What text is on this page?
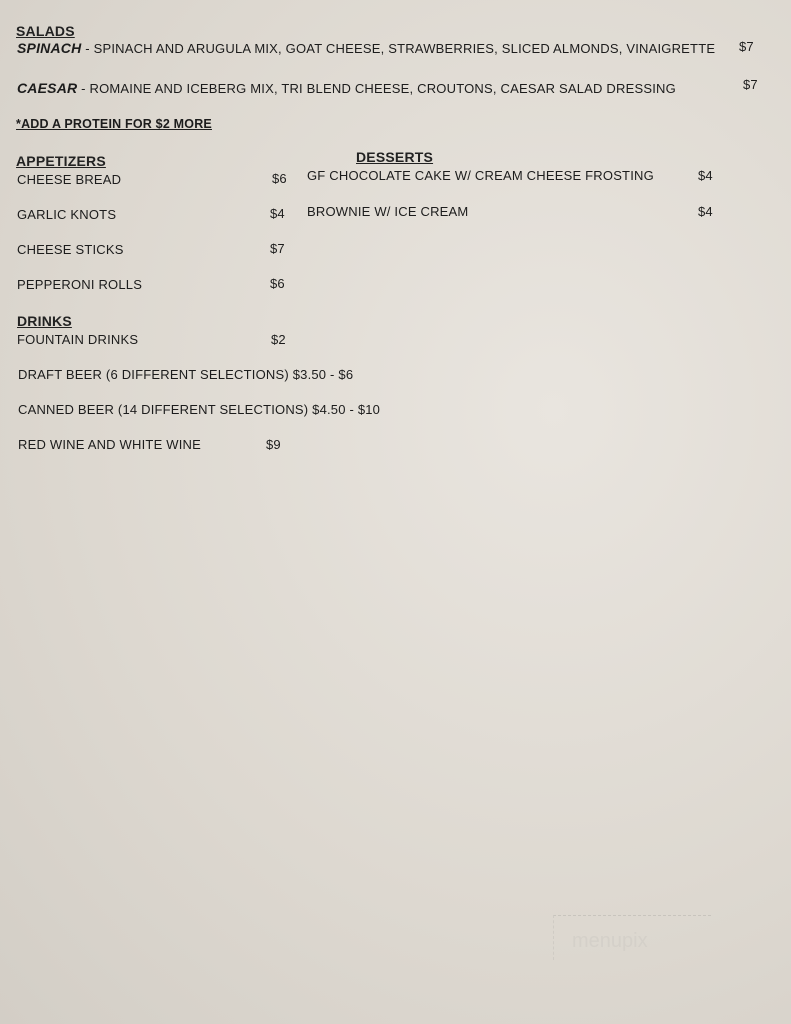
SALADS
SPINACH - SPINACH AND ARUGULA MIX, GOAT CHEESE, STRAWBERRIES, SLICED ALMONDS, VINAIGRETTE $7
CAESAR - ROMAINE AND ICEBERG MIX, TRI BLEND CHEESE, CROUTONS, CAESAR SALAD DRESSING	$7
*ADD A PROTEIN FOR $2 MORE
APPETIZERS
CHEESE BREAD	$6
GARLIC KNOTS	$4
CHEESE STICKS	$7
PEPPERONI ROLLS	$6
DESSERTS
GF CHOCOLATE CAKE W/ CREAM CHEESE FROSTING	$4
BROWNIE W/ ICE CREAM	$4
DRINKS
FOUNTAIN DRINKS	$2
DRAFT BEER (6 DIFFERENT SELECTIONS) $3.50 - $6
CANNED BEER (14 DIFFERENT SELECTIONS) $4.50 - $10
RED WINE AND WHITE WINE	$9
menupix
